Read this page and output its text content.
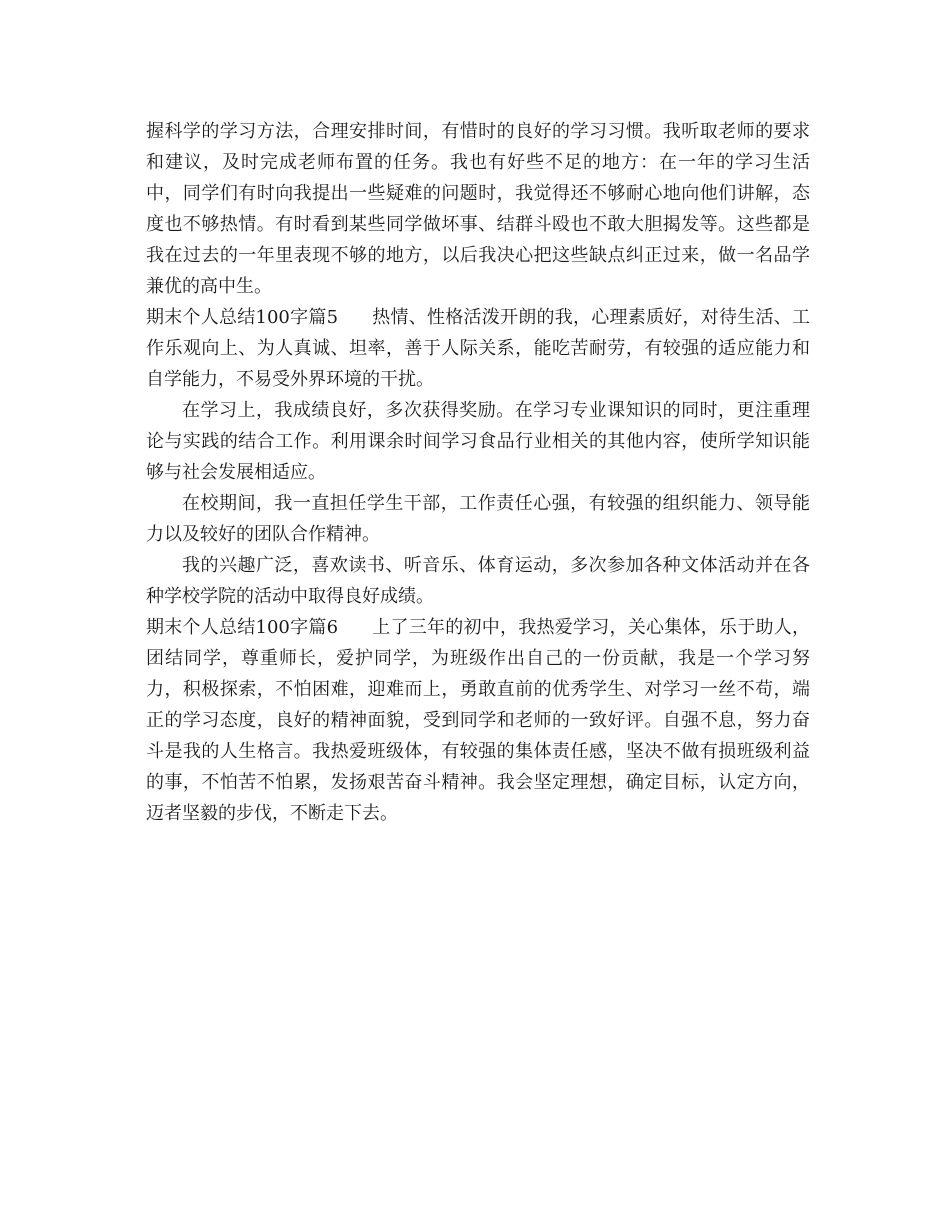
握科学的学习方法，合理安排时间，有惜时的良好的学习习惯。我听取老师的要求和建议，及时完成老师布置的任务。我也有好些不足的地方：在一年的学习生活中，同学们有时向我提出一些疑难的问题时，我觉得还不够耐心地向他们讲解，态度也不够热情。有时看到某些同学做坏事、结群斗殴也不敢大胆揭发等。这些都是我在过去的一年里表现不够的地方，以后我决心把这些缺点纠正过来，做一名品学兼优的高中生。

期末个人总结100字篇5 热情、性格活泼开朗的我，心理素质好，对待生活、工作乐观向上、为人真诚、坦率，善于人际关系，能吃苦耐劳，有较强的适应能力和自学能力，不易受外界环境的干扰。

在学习上，我成绩良好，多次获得奖励。在学习专业课知识的同时，更注重理论与实践的结合工作。利用课余时间学习食品行业相关的其他内容，使所学知识能够与社会发展相适应。

在校期间，我一直担任学生干部，工作责任心强，有较强的组织能力、领导能力以及较好的团队合作精神。

我的兴趣广泛，喜欢读书、听音乐、体育运动，多次参加各种文体活动并在各种学校学院的活动中取得良好成绩。

期末个人总结100字篇6 上了三年的初中，我热爱学习，关心集体，乐于助人，团结同学，尊重师长，爱护同学，为班级作出自己的一份贡献，我是一个学习努力，积极探索，不怕困难，迎难而上，勇敢直前的优秀学生、对学习一丝不苟，端正的学习态度，良好的精神面貌，受到同学和老师的一致好评。自强不息，努力奋斗是我的人生格言。我热爱班级体，有较强的集体责任感，坚决不做有损班级利益的事，不怕苦不怕累，发扬艰苦奋斗精神。我会坚定理想，确定目标，认定方向，迈者坚毅的步伐，不断走下去。
